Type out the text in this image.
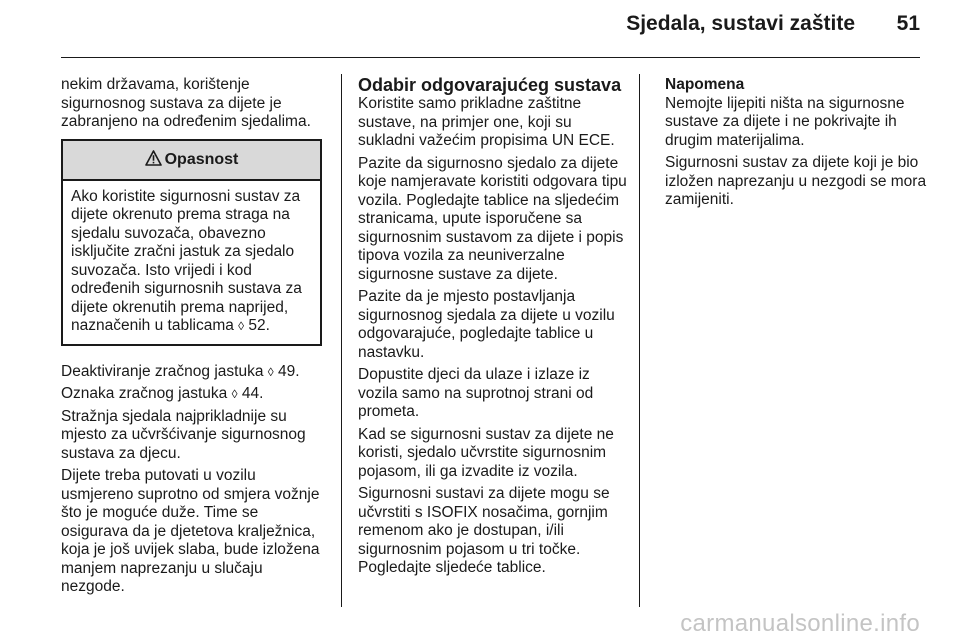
Sjedala, sustavi zaštite 51

nekim državama, korištenje sigurnosnog sustava za dijete je zabranjeno na određenim sjedalima.

Opasnost
Ako koristite sigurnosni sustav za dijete okrenuto prema straga na sjedalu suvozača, obavezno isključite zračni jastuk za sjedalo suvozača. Isto vrijedi i kod određenih sigurnosnih sustava za dijete okrenutih prema naprijed, naznačenih u tablicama ◊ 52.

Deaktiviranje zračnog jastuka ◊ 49.

Oznaka zračnog jastuka ◊ 44.

Stražnja sjedala najprikladnije su mjesto za učvršćivanje sigurnosnog sustava za djecu.

Dijete treba putovati u vozilu usmjereno suprotno od smjera vožnje što je moguće duže. Time se osigurava da je djetetova kralježnica, koja je još uvijek slaba, bude izložena manjem naprezanju u slučaju nezgode.

Odabir odgovarajućeg sustava

Koristite samo prikladne zaštitne sustave, na primjer one, koji su sukladni važećim propisima UN ECE.

Pazite da sigurnosno sjedalo za dijete koje namjeravate koristiti odgovara tipu vozila. Pogledajte tablice na sljedećim stranicama, upute isporučene sa sigurnosnim sustavom za dijete i popis tipova vozila za neuniverzalne sigurnosne sustave za dijete.

Pazite da je mjesto postavljanja sigurnosnog sjedala za dijete u vozilu odgovarajuće, pogledajte tablice u nastavku.

Dopustite djeci da ulaze i izlaze iz vozila samo na suprotnoj strani od prometa.

Kad se sigurnosni sustav za dijete ne koristi, sjedalo učvrstite sigurnosnim pojasom, ili ga izvadite iz vozila.

Sigurnosni sustavi za dijete mogu se učvrstiti s ISOFIX nosačima, gornjim remenom ako je dostupan, i/ili sigurnosnim pojasom u tri točke. Pogledajte sljedeće tablice.

Napomena

Nemojte lijepiti ništa na sigurnosne sustave za dijete i ne pokrivajte ih drugim materijalima.

Sigurnosni sustav za dijete koji je bio izložen naprezanju u nezgodi se mora zamijeniti.

carmanualsonline.info
